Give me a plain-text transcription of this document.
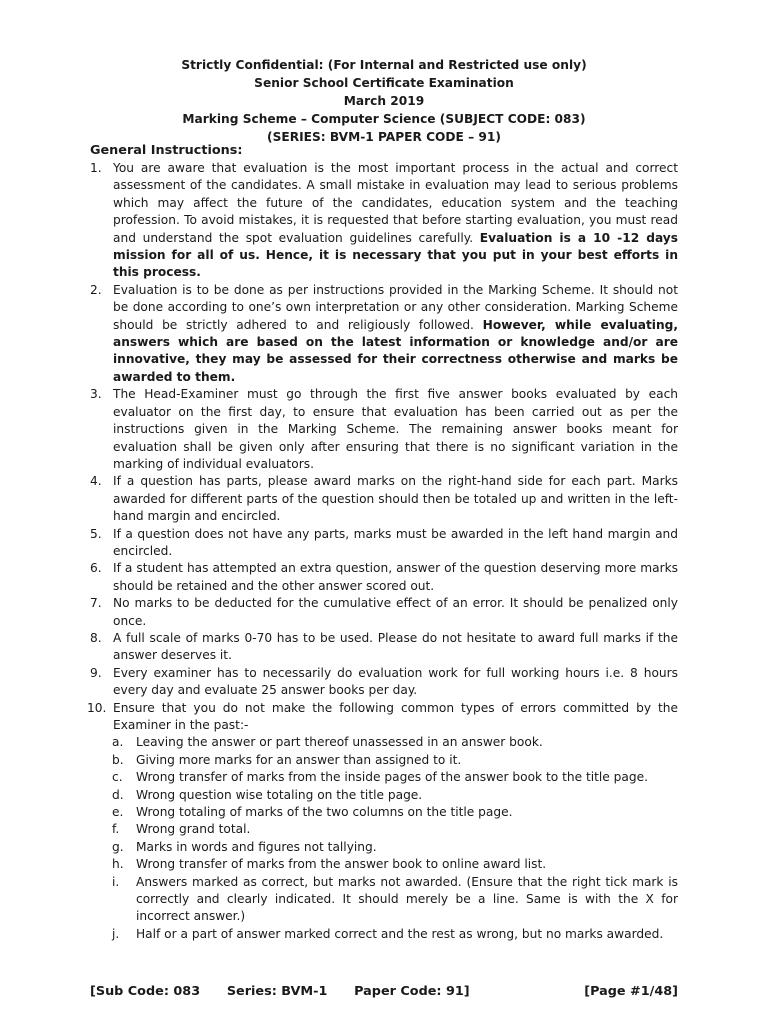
Strictly Confidential: (For Internal and Restricted use only)
Senior School Certificate Examination
March 2019
Marking Scheme – Computer Science (SUBJECT CODE: 083)
(SERIES: BVM-1 PAPER CODE – 91)
General Instructions:
1. You are aware that evaluation is the most important process in the actual and correct assessment of the candidates. A small mistake in evaluation may lead to serious problems which may affect the future of the candidates, education system and the teaching profession. To avoid mistakes, it is requested that before starting evaluation, you must read and understand the spot evaluation guidelines carefully. Evaluation is a 10 -12 days mission for all of us. Hence, it is necessary that you put in your best efforts in this process.
2. Evaluation is to be done as per instructions provided in the Marking Scheme. It should not be done according to one’s own interpretation or any other consideration. Marking Scheme should be strictly adhered to and religiously followed. However, while evaluating, answers which are based on the latest information or knowledge and/or are innovative, they may be assessed for their correctness otherwise and marks be awarded to them.
3. The Head-Examiner must go through the first five answer books evaluated by each evaluator on the first day, to ensure that evaluation has been carried out as per the instructions given in the Marking Scheme. The remaining answer books meant for evaluation shall be given only after ensuring that there is no significant variation in the marking of individual evaluators.
4. If a question has parts, please award marks on the right-hand side for each part. Marks awarded for different parts of the question should then be totaled up and written in the left-hand margin and encircled.
5. If a question does not have any parts, marks must be awarded in the left hand margin and encircled.
6. If a student has attempted an extra question, answer of the question deserving more marks should be retained and the other answer scored out.
7. No marks to be deducted for the cumulative effect of an error. It should be penalized only once.
8. A full scale of marks 0-70 has to be used. Please do not hesitate to award full marks if the answer deserves it.
9. Every examiner has to necessarily do evaluation work for full working hours i.e. 8 hours every day and evaluate 25 answer books per day.
10. Ensure that you do not make the following common types of errors committed by the Examiner in the past:-
a.	Leaving the answer or part thereof unassessed in an answer book.
b.	Giving more marks for an answer than assigned to it.
c.	Wrong transfer of marks from the inside pages of the answer book to the title page.
d.	Wrong question wise totaling on the title page.
e.	Wrong totaling of marks of the two columns on the title page.
f.	Wrong grand total.
g.	Marks in words and figures not tallying.
h.	Wrong transfer of marks from the answer book to online award list.
i.	Answers marked as correct, but marks not awarded. (Ensure that the right tick mark is correctly and clearly indicated. It should merely be a line. Same is with the X for incorrect answer.)
j.	Half or a part of answer marked correct and the rest as wrong, but no marks awarded.
[Sub Code: 083      Series: BVM-1      Paper Code: 91]	[Page #1/48]
